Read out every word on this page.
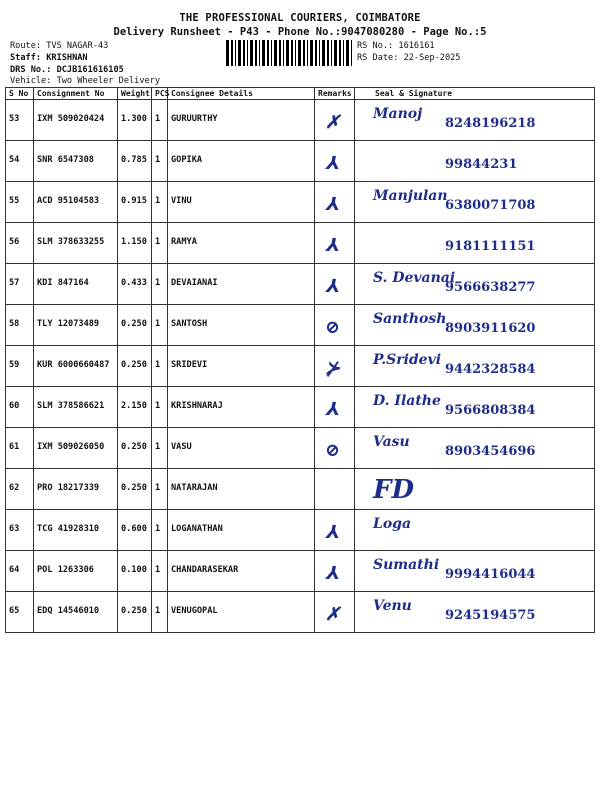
THE PROFESSIONAL COURIERS, COIMBATORE
Delivery Runsheet - P43 - Phone No.:9047080280 - Page No.:5
Route: TVS NAGAR-43
Staff: KRISHNAN
DRS No.: DCJB161616105
Vehicle: Two Wheeler Delivery
RS No.: 1616161
RS Date: 22-Sep-2025
S No	Consignment No	Weight	PCS	Consignee Details	Remarks	Seal & Signature
53	IXM 509020424	1.300	1	GURUURTHY	✗	Manoj
8248196218

54	SNR 6547308	0.785	1	GOPIKA	⅄	99844231

55	ACD 95104583	0.915	1	VINU	⅄	Manjulan
6380071708

56	SLM 378633255	1.150	1	RAMYA	⅄	9181111151

57	KDI 847164	0.433	1	DEVAIANAI	⅄	S. Devanai
9566638277

58	TLY 12073489	0.250	1	SANTOSH	⊘	Santhosh
8903911620

59	KUR 6000660487	0.250	1	SRIDEVI	⊁	P.Sridevi
9442328584

60	SLM 378586621	2.150	1	KRISHNARAJ	⅄	D. Ilathe
9566808384

61	IXM 509026050	0.250	1	VASU	⊘	Vasu
8903454696

62	PRO 18217339	0.250	1	NATARAJAN		FD

63	TCG 41928310	0.600	1	LOGANATHAN	⅄	Loga

64	POL 1263306	0.100	1	CHANDARASEKAR	⅄	Sumathi
9994416044

65	EDQ 14546010	0.250	1	VENUGOPAL	✗	Venu
9245194575
